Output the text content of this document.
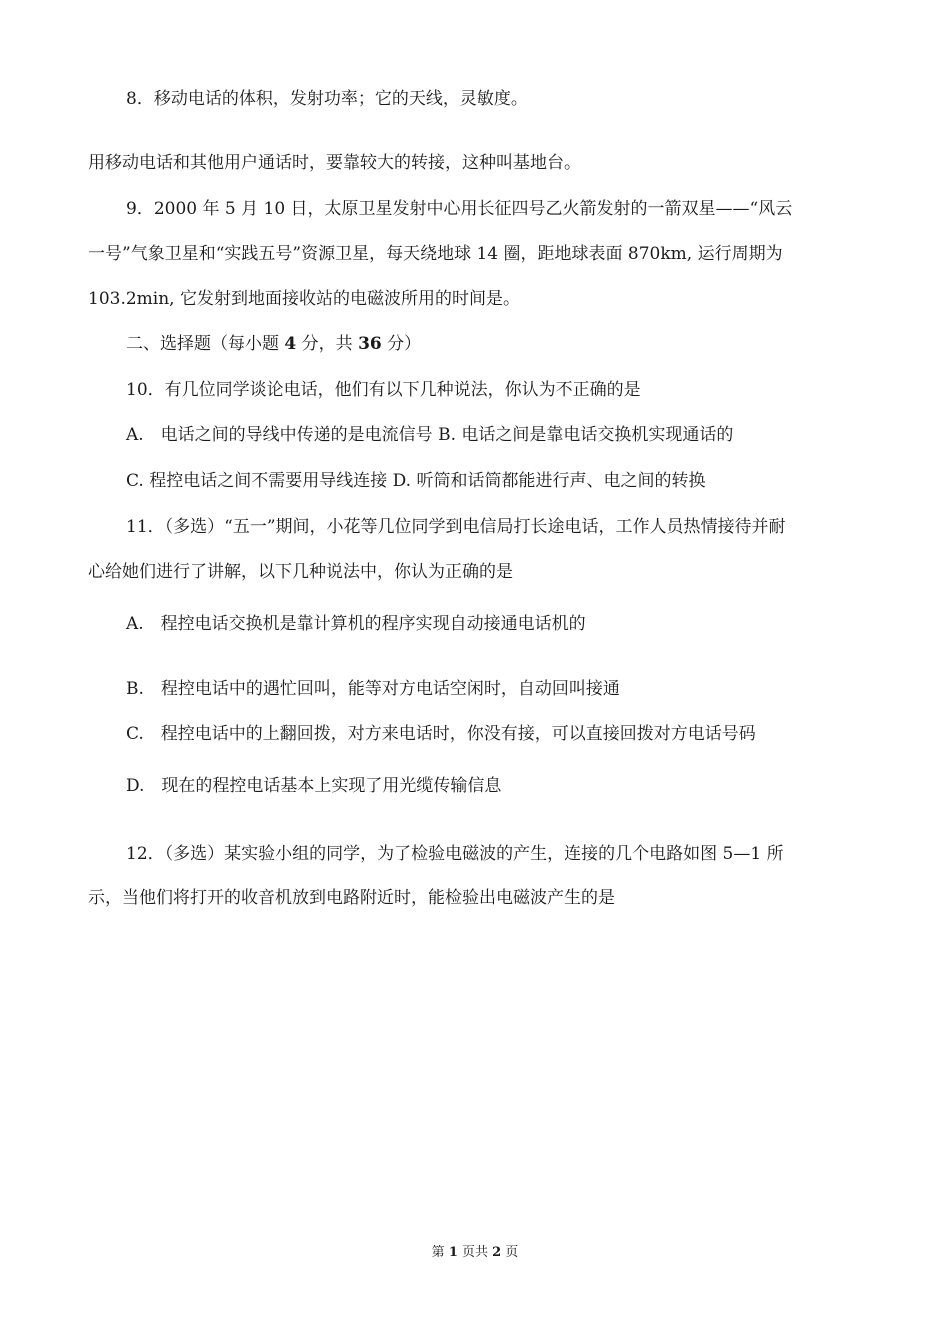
8．移动电话的体积，发射功率；它的天线，灵敏度。

用移动电话和其他用户通话时，要靠较大的转接，这种叫基地台。

9．2000 年 5 月 10 日，太原卫星发射中心用长征四号乙火箭发射的一箭双星——“风云

一号”气象卫星和“实践五号”资源卫星，每天绕地球 14 圈，距地球表面 870km, 运行周期为

103.2min, 它发射到地面接收站的电磁波所用的时间是。

二、选择题（每小题 4 分，共 36 分）

10．有几位同学谈论电话，他们有以下几种说法，你认为不正确的是

A.　电话之间的导线中传递的是电流信号 B. 电话之间是靠电话交换机实现通话的

C. 程控电话之间不需要用导线连接 D. 听筒和话筒都能进行声、电之间的转换

11．（多选）“五一”期间，小花等几位同学到电信局打长途电话，工作人员热情接待并耐

心给她们进行了讲解，以下几种说法中，你认为正确的是

A.　程控电话交换机是靠计算机的程序实现自动接通电话机的

B.　程控电话中的遇忙回叫，能等对方电话空闲时，自动回叫接通

C.　程控电话中的上翻回拨，对方来电话时，你没有接，可以直接回拨对方电话号码

D.　现在的程控电话基本上实现了用光缆传输信息

12．（多选）某实验小组的同学，为了检验电磁波的产生，连接的几个电路如图 5—1 所

示，当他们将打开的收音机放到电路附近时，能检验出电磁波产生的是

第 1 页共 2 页
